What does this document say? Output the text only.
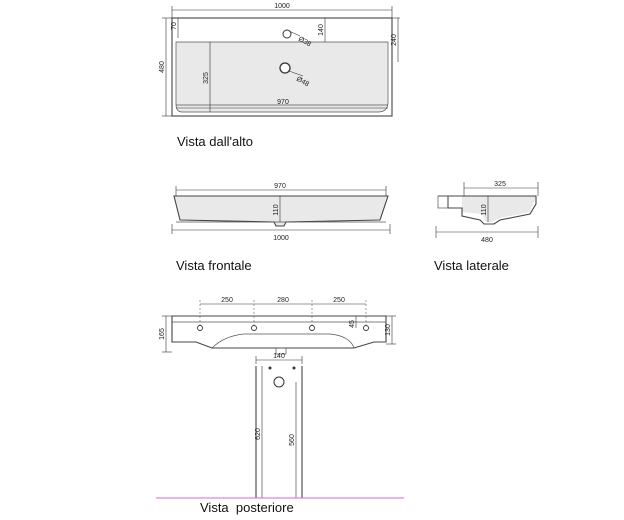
1000
70	140
240
480
325
970
Ø38
Ø48
Vista dall'alto
970
110
1000
Vista frontale
325
110
480
Vista laterale
250	280	250
165
45
130
140
620
560
Vista  posteriore
